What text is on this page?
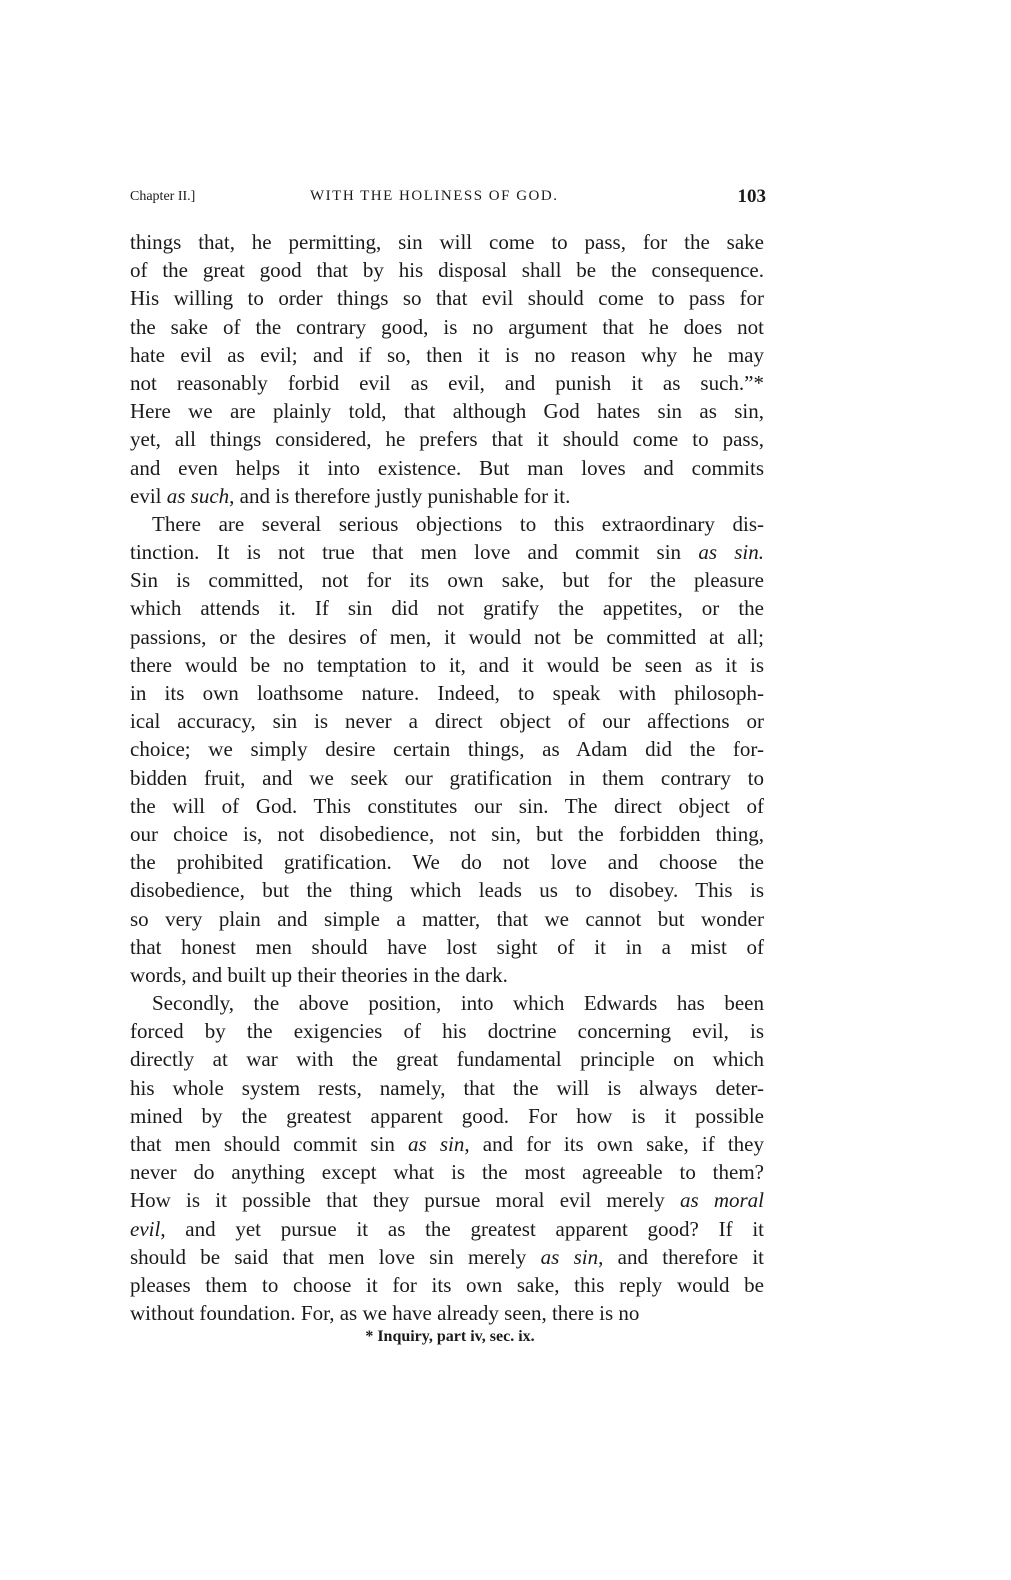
Chapter II.]	WITH THE HOLINESS OF GOD.	103
things that, he permitting, sin will come to pass, for the sake
of the great good that by his disposal shall be the consequence.
His willing to order things so that evil should come to pass for
the sake of the contrary good, is no argument that he does not
hate evil as evil; and if so, then it is no reason why he may
not reasonably forbid evil as evil, and punish it as such.”*
Here we are plainly told, that although God hates sin as sin,
yet, all things considered, he prefers that it should come to pass,
and even helps it into existence. But man loves and commits
evil as such, and is therefore justly punishable for it.
There are several serious objections to this extraordinary dis-
tinction. It is not true that men love and commit sin as sin.
Sin is committed, not for its own sake, but for the pleasure
which attends it. If sin did not gratify the appetites, or the
passions, or the desires of men, it would not be committed at all;
there would be no temptation to it, and it would be seen as it is
in its own loathsome nature. Indeed, to speak with philosoph-
ical accuracy, sin is never a direct object of our affections or
choice; we simply desire certain things, as Adam did the for-
bidden fruit, and we seek our gratification in them contrary to
the will of God. This constitutes our sin. The direct object of
our choice is, not disobedience, not sin, but the forbidden thing,
the prohibited gratification. We do not love and choose the
disobedience, but the thing which leads us to disobey. This is
so very plain and simple a matter, that we cannot but wonder
that honest men should have lost sight of it in a mist of
words, and built up their theories in the dark.
Secondly, the above position, into which Edwards has been
forced by the exigencies of his doctrine concerning evil, is
directly at war with the great fundamental principle on which
his whole system rests, namely, that the will is always deter-
mined by the greatest apparent good. For how is it possible
that men should commit sin as sin, and for its own sake, if they
never do anything except what is the most agreeable to them?
How is it possible that they pursue moral evil merely as moral
evil, and yet pursue it as the greatest apparent good? If it
should be said that men love sin merely as sin, and therefore it
pleases them to choose it for its own sake, this reply would be
without foundation. For, as we have already seen, there is no
* Inquiry, part iv, sec. ix.
